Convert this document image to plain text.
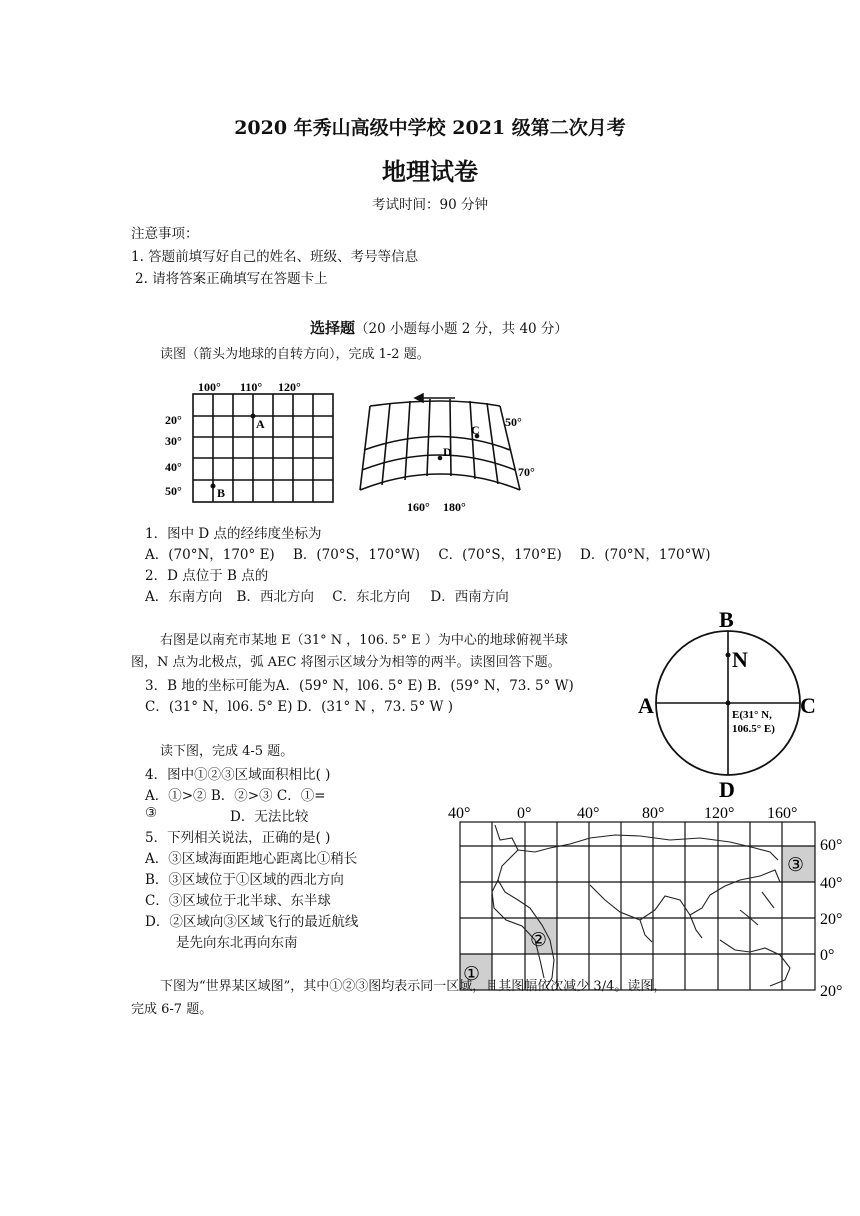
2020 年秀山高级中学校 2021 级第二次月考
地理试卷
考试时间：90 分钟
注意事项：
1. 答题前填写好自己的姓名、班级、考号等信息
2. 请将答案正确填写在答题卡上
选择题（20 小题每小题 2 分，共 40 分）
读图（箭头为地球的自转方向），完成 1-2 题。
100° 110° 120°
20°
30°
40°
50°
A
B
C
D
50°
70°
160° 180°
1．图中 D 点的经纬度坐标为
A．(70°N，170° E) B．(70°S，170°W) C．(70°S，170°E) D．(70°N，170°W)
2．D 点位于 B 点的
A．东南方向 B．西北方向 C．东北方向 D．西南方向
右图是以南充市某地 E（31° N ，106. 5° E ）为中心的地球俯视半球
图，N 点为北极点，弧 AEC 将图示区域分为相等的两半。读图回答下题。
3．B 地的坐标可能为A．(59° N，l06. 5° E) B．(59° N，73. 5° W)
C．(31° N，l06. 5° E) D．(31° N ，73. 5° W )
B
D
A	C
N
E(31° N,
106.5° E)
读下图，完成 4-5 题。
4．图中①②③区域面积相比( )
A．①>② B．②>③ C．①=
③	D．无法比较
5．下列相关说法，正确的是( )
A．③区域海面距地心距离比①稍长
B．③区域位于①区域的西北方向
C．③区域位于北半球、东半球
D．②区域向③区域飞行的最近航线
是先向东北再向东南
40°	0°	40°	80° 120° 160°
60°
40°
20°
0°
20°
①
②
③
下图为“世界某区域图”，其中①②③图均表示同一区域，且其图幅依次减少 3/4。读图，
完成 6-7 题。
